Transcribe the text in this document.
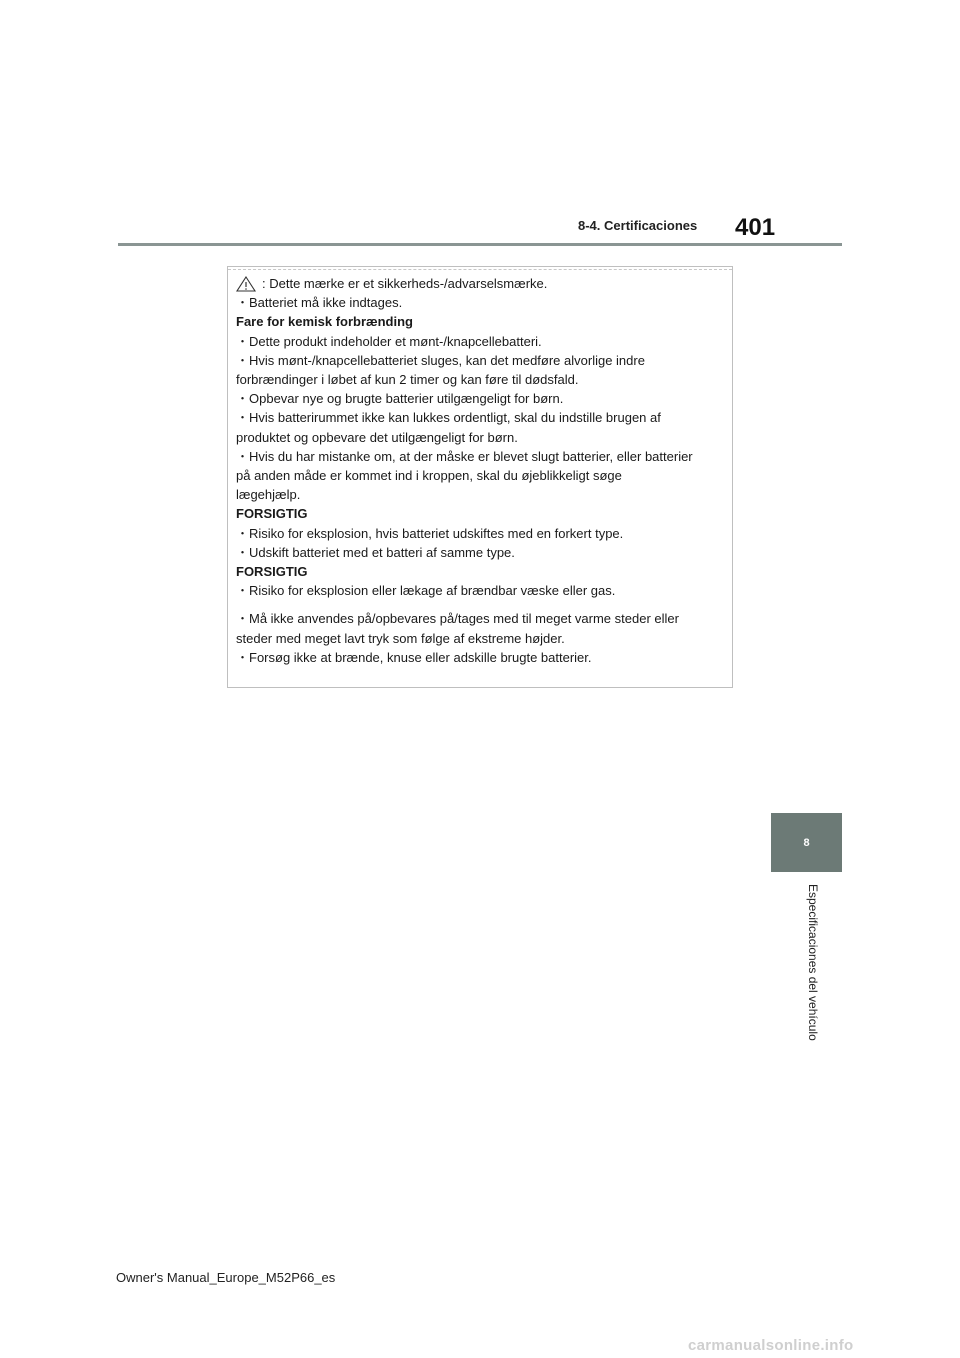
8-4. Certificaciones 401
: Dette mærke er et sikkerheds-/advarselsmærke.
・Batteriet må ikke indtages.
Fare for kemisk forbrænding
・Dette produkt indeholder et mønt-/knapcellebatteri.
・Hvis mønt-/knapcellebatteriet sluges, kan det medføre alvorlige indre
forbrændinger i løbet af kun 2 timer og kan føre til dødsfald.
・Opbevar nye og brugte batterier utilgængeligt for børn.
・Hvis batterirummet ikke kan lukkes ordentligt, skal du indstille brugen af
produktet og opbevare det utilgængeligt for børn.
・Hvis du har mistanke om, at der måske er blevet slugt batterier, eller batterier
på anden måde er kommet ind i kroppen, skal du øjeblikkeligt søge
lægehjælp.
FORSIGTIG
・Risiko for eksplosion, hvis batteriet udskiftes med en forkert type.
・Udskift batteriet med et batteri af samme type.
FORSIGTIG
・Risiko for eksplosion eller lækage af brændbar væske eller gas.
・Må ikke anvendes på/opbevares på/tages med til meget varme steder eller
steder med meget lavt tryk som følge af ekstreme højder.
・Forsøg ikke at brænde, knuse eller adskille brugte batterier.
8
Especificaciones del vehículo
Owner's Manual_Europe_M52P66_es
carmanualsonline.info
